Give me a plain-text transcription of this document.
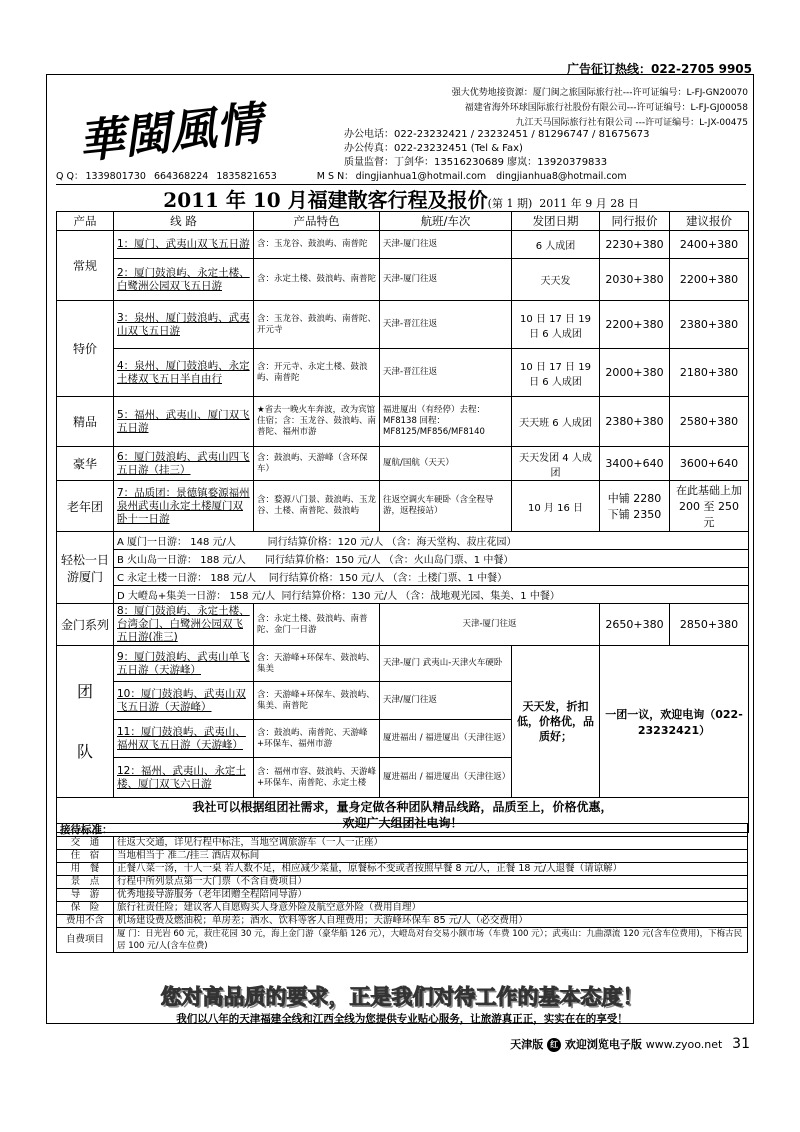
广告征订热线：022-2705 9905
華閩風情
强大优势地接资源：厦门闽之旅国际旅行社---许可证编号：L-FJ-GN20070
福建省海外环球国际旅行社股份有限公司---许可证编号：L-FJ-GJ00058
九江天马国际旅行社有限公司 ---许可证编号：L-JX-00475
办公电话：022-23232421 / 23232451 / 81296747 / 81675673
办公传真：022-23232451 (Tel & Fax)
质量监督：丁剑华：13516230689 廖岚：13920379833
Q Q： 1339801730 664368224 1835821653	M S N： dingjianhua1@hotmail.com dingjianhua8@hotmail.com
2011 年 10 月福建散客行程及报价(第 1 期) 2011 年 9 月 28 日
产品	线 路	产品特色	航班/车次	发团日期	同行报价	建议报价
常规	1：厦门、武夷山双飞五日游	含：玉龙谷、鼓浪屿、南普陀	天津-厦门往返	6 人成团	2230+380	2400+380
	2：厦门鼓浪屿、永定土楼、白鹭洲公园双飞五日游	含：永定土楼、鼓浪屿、南普陀	天津-厦门往返	天天发	2030+380	2200+380
特价	3：泉州、厦门鼓浪屿、武夷山双飞五日游	含：玉龙谷、鼓浪屿、南普陀、开元寺	天津-晋江往返	10 日 17 日 19 日 6 人成团	2200+380	2380+380
	4：泉州、厦门鼓浪屿、永定土楼双飞五日半自由行	含：开元寺、永定土楼、鼓浪屿、南普陀	天津-晋江往返	10 日 17 日 19 日 6 人成团	2000+380	2180+380
精品	5：福州、武夷山、厦门双飞五日游	★省去一晚火车奔波，改为宾馆住宿；含：玉龙谷、鼓浪屿、南普陀、福州市游	福进厦出（有经停）去程：MF8138 回程：MF8125/MF856/MF8140	天天班 6 人成团	2380+380	2580+380
豪华	6：厦门鼓浪屿、武夷山四飞五日游（挂三）	含：鼓浪屿、天游峰（含环保车）	厦航/国航（天天）	天天发团 4 人成团	3400+640	3600+640
老年团	7：品质团：景德镇婺源福州泉州武夷山永定土楼厦门双卧十一日游	含：婺源八门景、鼓浪屿、玉龙谷、土楼、南普陀、鼓浪屿	往返空调火车硬卧（含全程导游，返程接站）	10 月 16 日	中铺 2280 下铺 2350	在此基础上加 200 至 250 元
轻松一日游厦门	A 厦门一日游： 148 元/人 同行结算价格：120 元/人 （含：海天堂构、菽庄花园）					
	B 火山岛一日游： 188 元/人 同行结算价格：150 元/人 （含：火山岛门票、1 中餐）					
	C 永定土楼一日游： 188 元/人 同行结算价格：150 元/人 （含：土楼门票、1 中餐）					
	D 大嶝岛+集美一日游： 158 元/人 同行结算价格：130 元/人 （含：战地观光园、集美、1 中餐）					
金门系列	8：厦门鼓浪屿、永定土楼、台湾金门、白鹭洲公园双飞五日游(准三)	含：永定土楼、鼓浪屿、南普陀、金门一日游	天津-厦门往返		2650+380	2850+380
团

队	9：厦门鼓浪屿、武夷山单飞五日游（天游峰）	含：天游峰+环保车、鼓浪屿、集美	天津-厦门 武夷山-天津火车硬卧	天天发，折扣低，价格优，品质好；	一团一议，欢迎电询（022-23232421）	
	10：厦门鼓浪屿、武夷山双飞五日游（天游峰）	含：天游峰+环保车、鼓浪屿、集美、南普陀	天津/厦门往返			
	11：厦门鼓浪屿、武夷山、福州双飞五日游（天游峰）	含：鼓浪屿、南普陀、天游峰+环保车、福州市游	厦进福出 / 福进厦出（天津往返）			
	12：福州、武夷山、永定土楼、厦门双飞六日游	含：福州市容、鼓浪屿、天游峰+环保车、南普陀、永定土楼	厦进福出 / 福进厦出（天津往返）			
我社可以根据组团社需求，量身定做各种团队精品线路，品质至上，价格优惠，
欢迎广大组团社电询！						
接待标准：	
交　通	往返大交通，详见行程中标注，当地空调旅游车（一人一正座）
住　宿	当地相当于 准二/挂三 酒店双标间
用　餐	正餐八菜一汤，十人一桌 若人数不足，相应减少菜量，原餐标不变或者按照早餐 8 元/人，正餐 18 元/人退餐（请谅解）
景　点	行程中所列景点第一大门票（不含自费项目）
导　游	优秀地接导游服务（老年团赠全程陪同导游）
保　险	旅行社责任险；建议客人自愿购买人身意外险及航空意外险（费用自理）
费用不含	机场建设费及燃油税；单房差；酒水、饮料等客人自理费用；天游峰环保车 85 元/人（必交费用）
自费项目	厦 门：日光岩 60 元，菽庄花园 30 元，海上金门游（豪华船 126 元），大嶝岛对台交易小额市场（车费 100 元）；武夷山：九曲漂流 120 元(含车位费用)，下梅古民居 100 元/人(含车位费)
您对高品质的要求，正是我们对待工作的基本态度！
我们以八年的天津福建全线和江西全线为您提供专业贴心服务，让旅游真正正，实实在在的享受！
天津版 红 欢迎浏览电子版 www.zyoo.net 31
